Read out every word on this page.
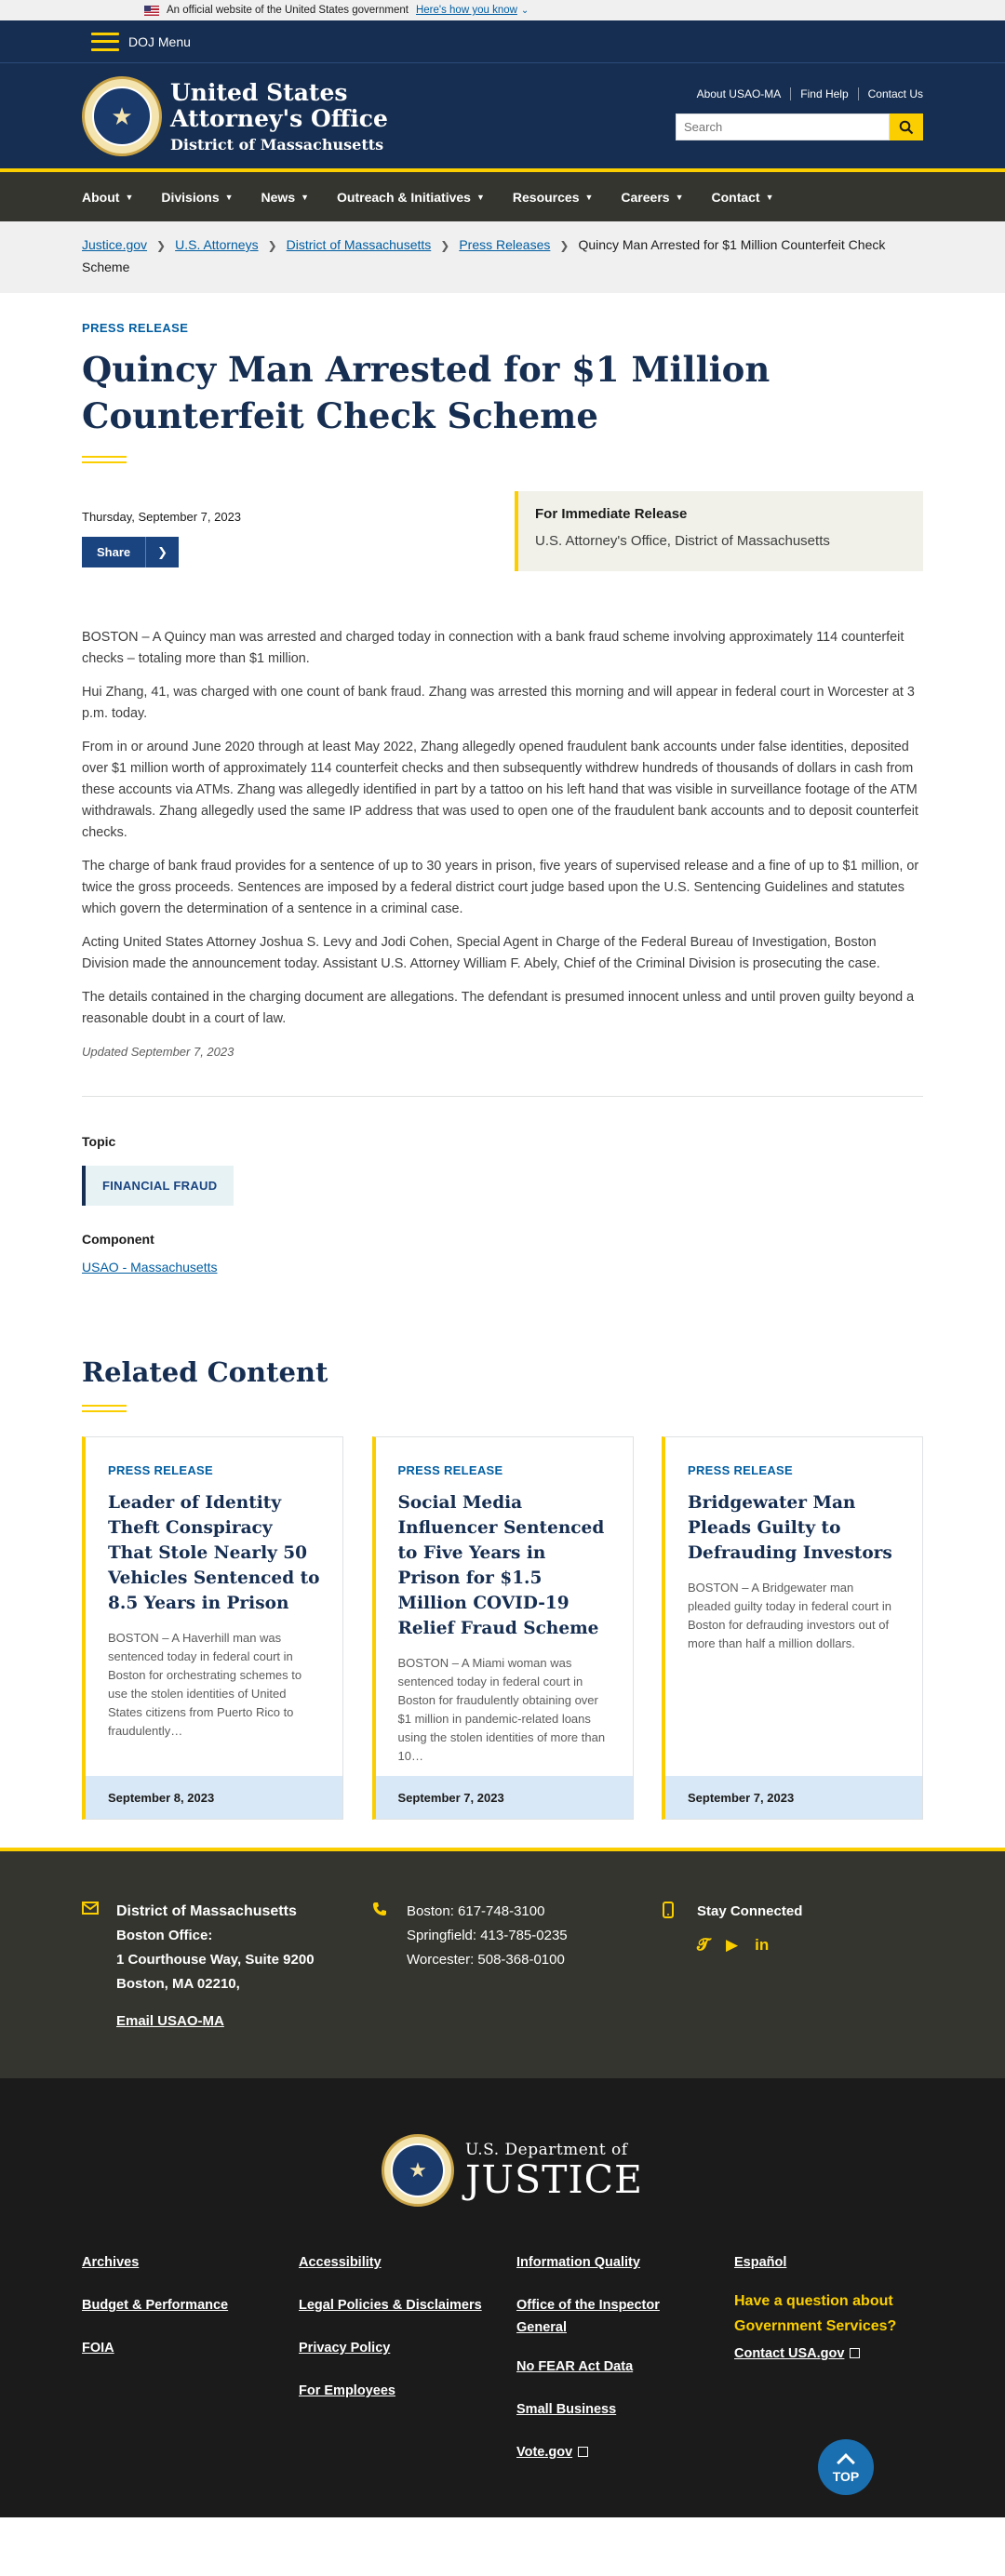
An official website of the United States government Here's how you know ⌄
DOJ Menu
★
United States
Attorney's Office
District of Massachusetts
About USAO-MA	Find Help	Contact Us
Search
About ▼ Divisions ▼ News ▼ Outreach & Initiatives ▼ Resources ▼ Careers ▼ Contact ▼
Justice.gov ❯ U.S. Attorneys ❯ District of Massachusetts ❯ Press Releases ❯ Quincy Man Arrested for $1 Million Counterfeit Check Scheme
PRESS RELEASE
Quincy Man Arrested for $1 Million Counterfeit Check Scheme
Thursday, September 7, 2023
Share	❯
For Immediate Release
U.S. Attorney's Office, District of Massachusetts

BOSTON – A Quincy man was arrested and charged today in connection with a bank fraud scheme involving approximately 114 counterfeit checks – totaling more than $1 million.

Hui Zhang, 41, was charged with one count of bank fraud. Zhang was arrested this morning and will appear in federal court in Worcester at 3 p.m. today.

From in or around June 2020 through at least May 2022, Zhang allegedly opened fraudulent bank accounts under false identities, deposited over $1 million worth of approximately 114 counterfeit checks and then subsequently withdrew hundreds of thousands of dollars in cash from these accounts via ATMs. Zhang was allegedly identified in part by a tattoo on his left hand that was visible in surveillance footage of the ATM withdrawals. Zhang allegedly used the same IP address that was used to open one of the fraudulent bank accounts and to deposit counterfeit checks.

The charge of bank fraud provides for a sentence of up to 30 years in prison, five years of supervised release and a fine of up to $1 million, or twice the gross proceeds. Sentences are imposed by a federal district court judge based upon the U.S. Sentencing Guidelines and statutes which govern the determination of a sentence in a criminal case.

Acting United States Attorney Joshua S. Levy and Jodi Cohen, Special Agent in Charge of the Federal Bureau of Investigation, Boston Division made the announcement today. Assistant U.S. Attorney William F. Abely, Chief of the Criminal Division is prosecuting the case.

The details contained in the charging document are allegations. The defendant is presumed innocent unless and until proven guilty beyond a reasonable doubt in a court of law.

Updated September 7, 2023
Topic
FINANCIAL FRAUD
Component
USAO - Massachusetts
Related Content
PRESS RELEASE
Leader of Identity Theft Conspiracy That Stole Nearly 50 Vehicles Sentenced to 8.5 Years in Prison
BOSTON – A Haverhill man was sentenced today in federal court in Boston for orchestrating schemes to use the stolen identities of United States citizens from Puerto Rico to fraudulently…
September 8, 2023
PRESS RELEASE
Social Media Influencer Sentenced to Five Years in Prison for $1.5 Million COVID-19 Relief Fraud Scheme
BOSTON – A Miami woman was sentenced today in federal court in Boston for fraudulently obtaining over $1 million in pandemic-related loans using the stolen identities of more than 10…
September 7, 2023
PRESS RELEASE
Bridgewater Man Pleads Guilty to Defrauding Investors
BOSTON – A Bridgewater man pleaded guilty today in federal court in Boston for defrauding investors out of more than half a million dollars.
September 7, 2023
District of Massachusetts
Boston Office:
1 Courthouse Way, Suite 9200
Boston, MA 02210,
Email USAO-MA
Boston: 617-748-3100
Springfield: 413-785-0235
Worcester: 508-368-0100
Stay Connected
𝓣 ▶ in
★
U.S. Department of
JUSTICE
Archives
Budget & Performance
FOIA
Accessibility
Legal Policies & Disclaimers
Privacy Policy
For Employees
Information Quality
Office of the Inspector General
No FEAR Act Data
Small Business
Vote.gov
Español
Have a question about Government Services?
Contact USA.gov
TOP
